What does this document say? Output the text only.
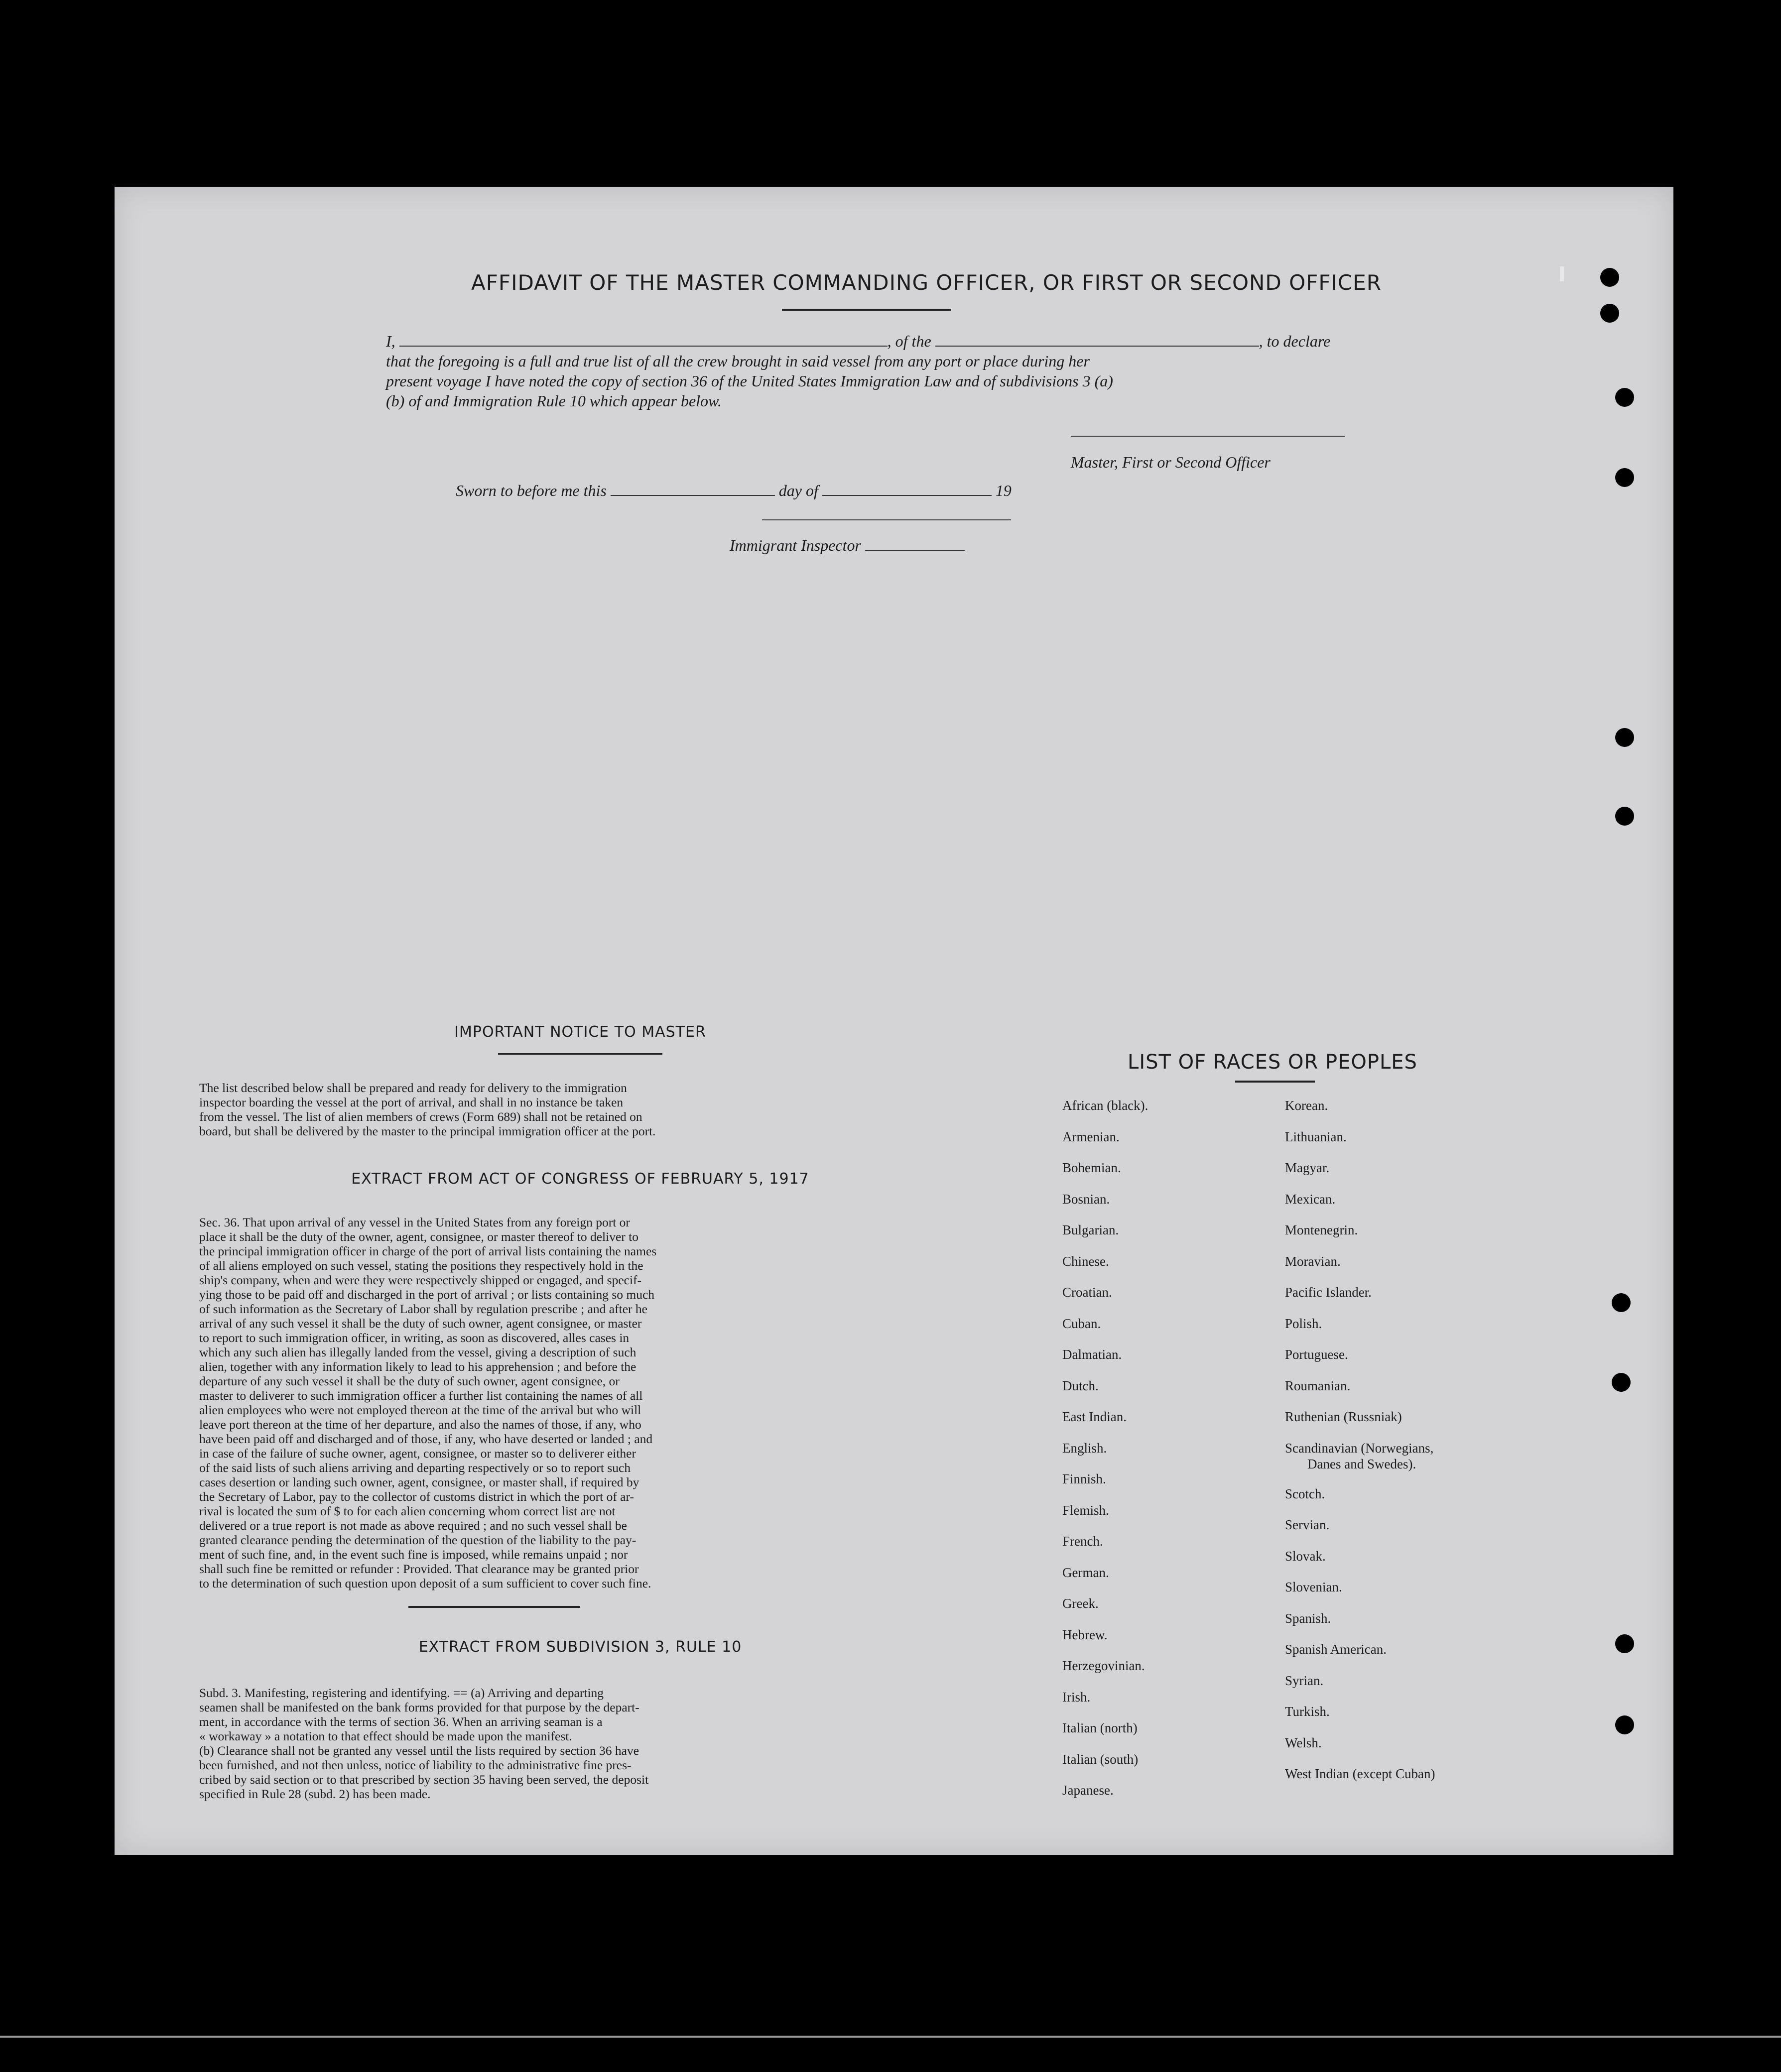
AFFIDAVIT OF THE MASTER COMMANDING OFFICER, OR FIRST OR SECOND OFFICER
I,	, of the	, to declare
that the foregoing is a full and true list of all the crew brought in said vessel from any port or place during her
present voyage I have noted the copy of section 36 of the United States Immigration Law and of subdivisions 3 (a)
(b) of and Immigration Rule 10 which appear below.
Master, First or Second Officer
Sworn to before me this	day of	19
Immigrant Inspector
IMPORTANT NOTICE TO MASTER
The list described below shall be prepared and ready for delivery to the immigration
inspector boarding the vessel at the port of arrival, and shall in no instance be taken
from the vessel. The list of alien members of crews (Form 689) shall not be retained on
board, but shall be delivered by the master to the principal immigration officer at the port.
EXTRACT FROM ACT OF CONGRESS OF FEBRUARY 5, 1917
Sec. 36. That upon arrival of any vessel in the United States from any foreign port or
place it shall be the duty of the owner, agent, consignee, or master thereof to deliver to
the principal immigration officer in charge of the port of arrival lists containing the names
of all aliens employed on such vessel, stating the positions they respectively hold in the
ship's company, when and were they were respectively shipped or engaged, and specif-
ying those to be paid off and discharged in the port of arrival ; or lists containing so much
of such information as the Secretary of Labor shall by regulation prescribe ; and after he
arrival of any such vessel it shall be the duty of such owner, agent consignee, or master
to report to such immigration officer, in writing, as soon as discovered, alles cases in
which any such alien has illegally landed from the vessel, giving a description of such
alien, together with any information likely to lead to his apprehension ; and before the
departure of any such vessel it shall be the duty of such owner, agent consignee, or
master to deliverer to such immigration officer a further list containing the names of all
alien employees who were not employed thereon at the time of the arrival but who will
leave port thereon at the time of her departure, and also the names of those, if any, who
have been paid off and discharged and of those, if any, who have deserted or landed ; and
in case of the failure of suche owner, agent, consignee, or master so to deliverer either
of the said lists of such aliens arriving and departing respectively or so to report such
cases desertion or landing such owner, agent, consignee, or master shall, if required by
the Secretary of Labor, pay to the collector of customs district in which the port of ar-
rival is located the sum of $ to for each alien concerning whom correct list are not
delivered or a true report is not made as above required ; and no such vessel shall be
granted clearance pending the determination of the question of the liability to the pay-
ment of such fine, and, in the event such fine is imposed, while remains unpaid ; nor
shall such fine be remitted or refunder : Provided. That clearance may be granted prior
to the determination of such question upon deposit of a sum sufficient to cover such fine.
EXTRACT FROM SUBDIVISION 3, RULE 10
Subd. 3. Manifesting, registering and identifying. == (a) Arriving and departing
seamen shall be manifested on the bank forms provided for that purpose by the depart-
ment, in accordance with the terms of section 36. When an arriving seaman is a
« workaway » a notation to that effect should be made upon the manifest.
(b) Clearance shall not be granted any vessel until the lists required by section 36 have
been furnished, and not then unless, notice of liability to the administrative fine pres-
cribed by said section or to that prescribed by section 35 having been served, the deposit
specified in Rule 28 (subd. 2) has been made.
LIST OF RACES OR PEOPLES
African (black).
Armenian.
Bohemian.
Bosnian.
Bulgarian.
Chinese.
Croatian.
Cuban.
Dalmatian.
Dutch.
East Indian.
English.
Finnish.
Flemish.
French.
German.
Greek.
Hebrew.
Herzegovinian.
Irish.
Italian (north)
Italian (south)
Japanese.
Korean.
Lithuanian.
Magyar.
Mexican.
Montenegrin.
Moravian.
Pacific Islander.
Polish.
Portuguese.
Roumanian.
Ruthenian (Russniak)
Scandinavian (Norwegians,
Danes and Swedes).
Scotch.
Servian.
Slovak.
Slovenian.
Spanish.
Spanish American.
Syrian.
Turkish.
Welsh.
West Indian (except Cuban)
